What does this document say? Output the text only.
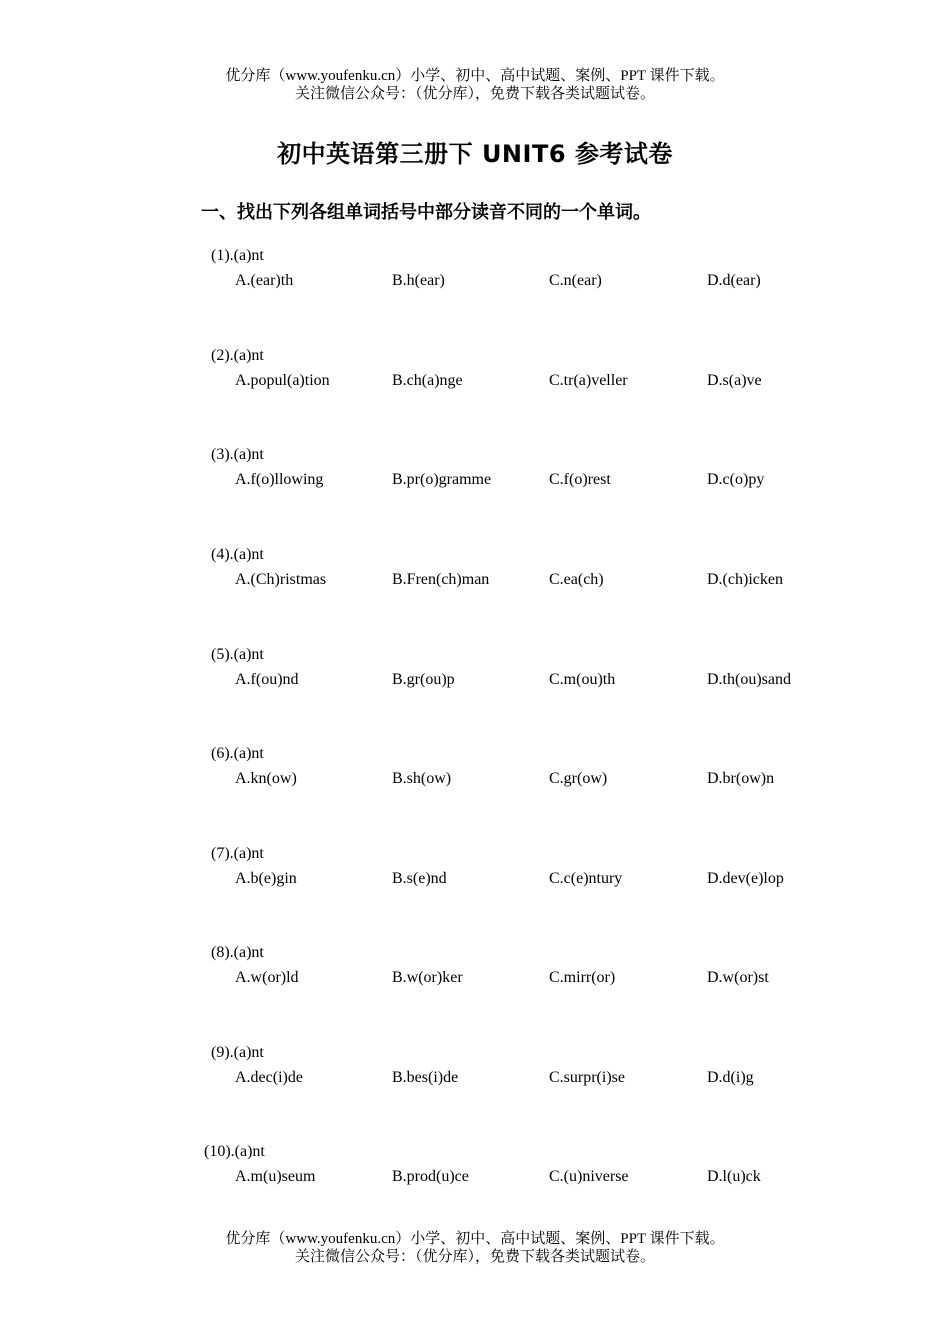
优分库（www.youfenku.cn）小学、初中、高中试题、案例、PPT 课件下载。
关注微信公众号：（优分库），免费下载各类试题试卷。
初中英语第三册下 UNIT6 参考试卷
一、找出下列各组单词括号中部分读音不同的一个单词。
(1).(a)nt
A.(ear)th	B.h(ear)	C.n(ear)	D.d(ear)
(2).(a)nt
A.popul(a)tion	B.ch(a)nge	C.tr(a)veller	D.s(a)ve
(3).(a)nt
A.f(o)llowing	B.pr(o)gramme	C.f(o)rest	D.c(o)py
(4).(a)nt
A.(Ch)ristmas	B.Fren(ch)man	C.ea(ch)	D.(ch)icken
(5).(a)nt
A.f(ou)nd	B.gr(ou)p	C.m(ou)th	D.th(ou)sand
(6).(a)nt
A.kn(ow)	B.sh(ow)	C.gr(ow)	D.br(ow)n
(7).(a)nt
A.b(e)gin	B.s(e)nd	C.c(e)ntury	D.dev(e)lop
(8).(a)nt
A.w(or)ld	B.w(or)ker	C.mirr(or)	D.w(or)st
(9).(a)nt
A.dec(i)de	B.bes(i)de	C.surpr(i)se	D.d(i)g
(10).(a)nt
A.m(u)seum	B.prod(u)ce	C.(u)niverse	D.l(u)ck
优分库（www.youfenku.cn）小学、初中、高中试题、案例、PPT 课件下载。
关注微信公众号：（优分库），免费下载各类试题试卷。
